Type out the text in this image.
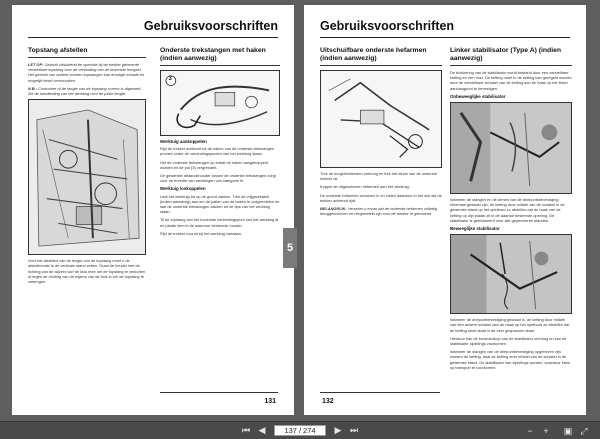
Gebruiksvoorschriften
Topstang afstellen

LET OP: Gebruik uitsluitend de speciale bij de trekker geleverde verstelbare topstang voor de verbinding van de bovenste hengsel. Het gebruik van andere soorten topstangen kan ernstige schade en mogelijk letsel veroorzaken.

N.B.: Controleer of de lengte van de topstang correct is afgesteld. Zie de handleiding van het werktuig voor de juiste lengte.

Voor het afstellen van de lengte van de topstang moet u de afsluithendel in de verticale stand zetten. Draai de hendel met de richting van de wijzers van de klok mee om de topstang te verkorten of tegen de richting van de wijzers van de klok in om de topstang te verlengen.

Onderste trekstangen met haken (indien aanwezig)
3
Werktuig aankoppelen

Rijd de trekker achteruit tot de haken van de onderste trekstangen precies onder de verbindingspunten van het werktuig staan.

Hef de onderste trekstangen op totdat de haken aangekoppeld worden en de pal (3) vergrendelt.

De gewenste afstandshouder tussen de onderste trekstangen zorgt voor de breedte van werktuigen van categorie III.

Werktuig loskoppelen

Laat het werktuig tot op de grond zakken. Trek de vrijgavekabel (indien aanwezig) aan om de pallen van de haken te ontgrendelen en laat de onderste trekstangen zakken tot de tips van het werktuig staan.

Til de topstang van het bovenste verbindingspunt van het werktuig af en plaats hem in de daarvoor bestemde houder.

Rijd de trekker vooruit bij het werktuig vandaan.

131
5
Gebruiksvoorschriften
Uitschuifbare onderste hefarmen (indien aanwezig)

Trek de borgklimstenden omhoog en trek het einde van de onderste hefarm uit.

Koppel de uitgeschoven hefarmen aan het werktuig.

De onderste hefarmen schuiven in en vallen daardoor in het slot als de trekker achteruit rijdt.

BELANGRIJK: Verzeker u ervan dat de onderste hefarmen volledig teruggeschoven en vergrendeld zijn voor de trekker te gebruiken.

Linker stabilisator (Type A) (indien aanwezig)

De blokkering van de stabilisator wordt bestand door een verstelbare ketting en een veer. De ketting moet in de ketting kan geregeld worden door de verstelbare schakel van de ketting aan de haak op het linker aanhangpunt te bevestigen.

Onbeweeglijke stabilisator

Wanneer de stangen en de armen van de driepuntsbevestiging helemaal gedaald zijn, de ketting door middel van de schakel in de gewenste stand op het opetbord zo afstellen dat de haak van de ketting op zijn plaats zit in de daartoe bestemde opening. De stabilisator is geblokkeerd voor alle gepeniveren standen.

Beweeglijke stabilisator

Wanneer de driepuntbevestiging gedaald is, de ketting door middel van één andere schakel aan de haak op het opetbord zo afstellen dat de ketting strak staat in de veer gespannen staat.

Hierdoor kan de bovenkolkop van de stabilisator omhoog en kan de stabilisator zijdelings voorkomen.

Wanneer de stangen van de driepuntbevestiging opgeheven zijn, worden de ketting, daal de ketting door middel van de schakel in de gewenste stand. De stabilisator kan zijdelings worden, waardoor kans op transport te voorkomen.

132
⏮ ◀	137 / 274 ▶ ⏭	−	+	▣ ⤢
